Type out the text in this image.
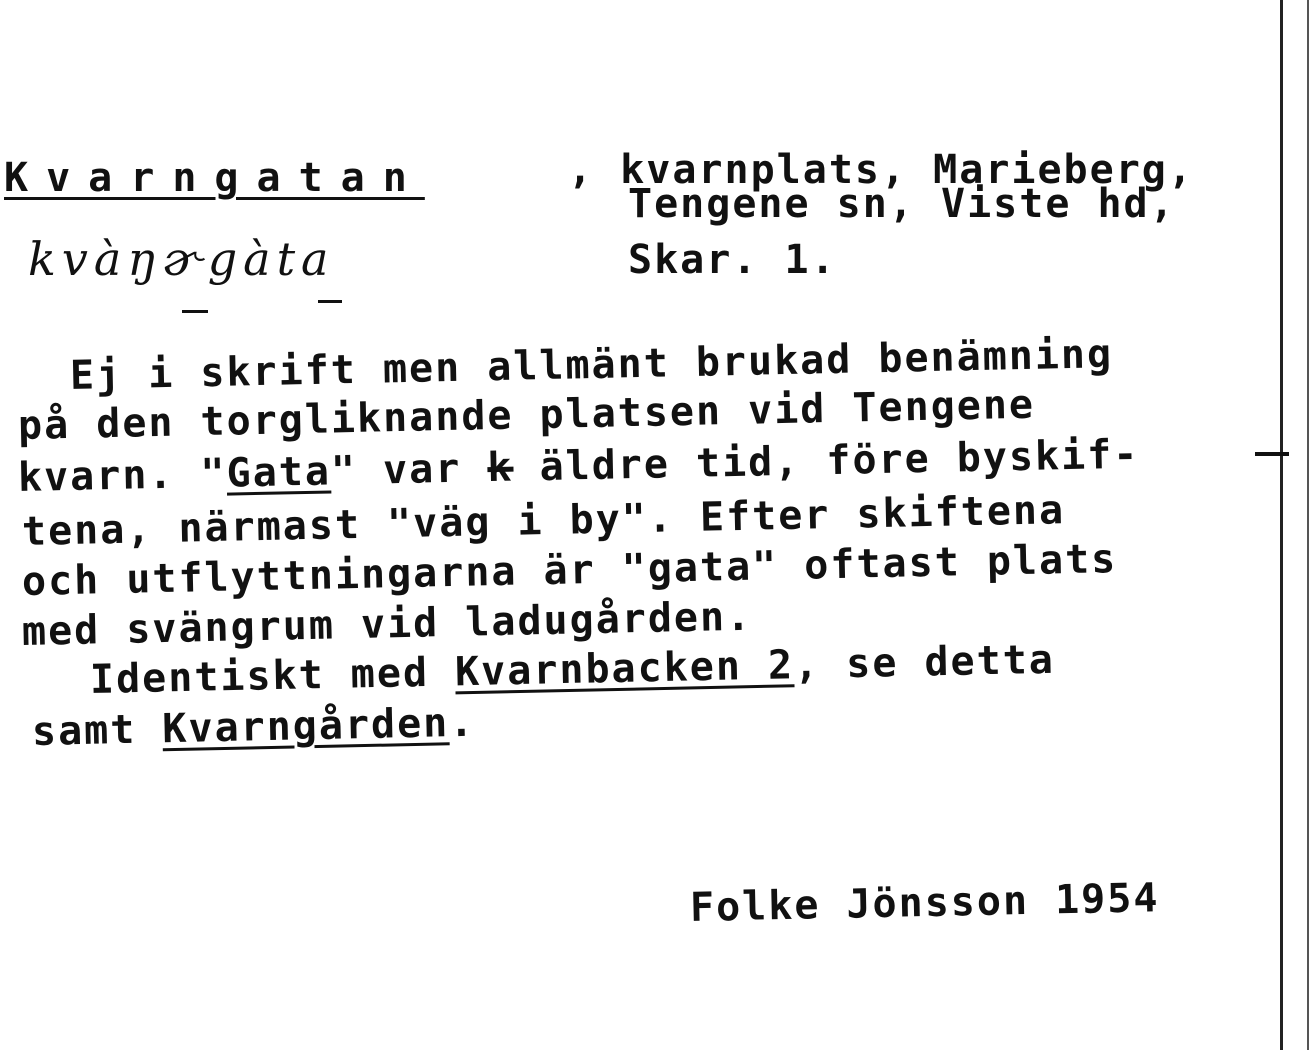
Kvarngatan	, kvarnplats, Marieberg,
Tengene sn, Viste hd,
Skar. 1.
kvàŋɚgàta
Ej i skrift men allmänt brukad benämning
på den torgliknande platsen vid Tengene
kvarn. "Gata" var k äldre tid, före byskif-
tena, närmast "väg i by". Efter skiftena
och utflyttningarna är "gata" oftast plats
med svängrum vid ladugården.
Identiskt med Kvarnbacken 2, se detta
samt Kvarngården.
Folke Jönsson 1954
